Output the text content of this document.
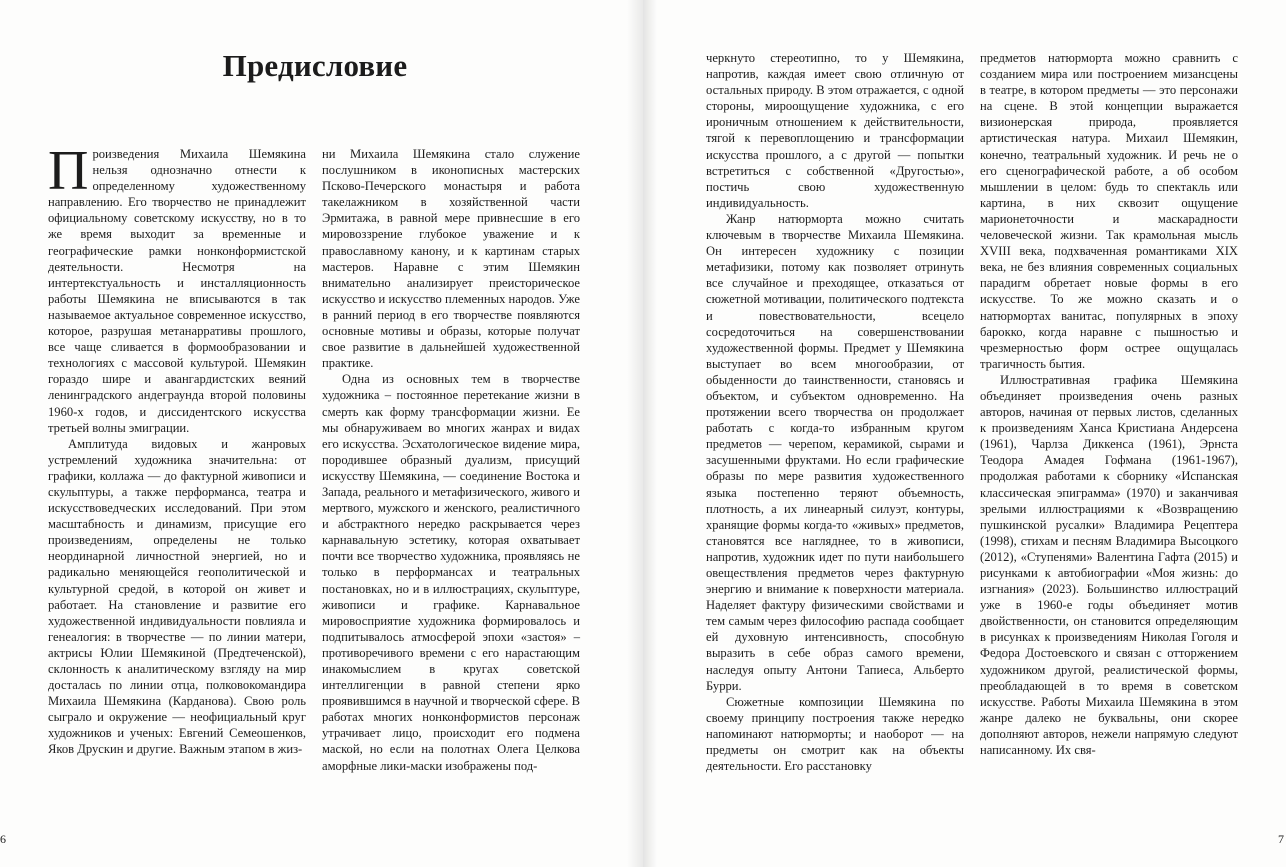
Предисловие

Произведения Михаила Шемякина нельзя однозначно отнести к определенному художественному направлению. Его творчество не принадлежит официальному советскому искусству, но в то же время выходит за временные и географические рамки нонконформистской деятельности. Несмотря на интертекстуальность и инсталляционность работы Шемякина не вписываются в так называемое актуальное современное искусство, которое, разрушая метанарративы прошлого, все чаще сливается в формообразовании и технологиях с массовой культурой. Шемякин гораздо шире и авангардистских веяний ленинградского андеграунда второй половины 1960-х годов, и диссидентского искусства третьей волны эмиграции.

Амплитуда видовых и жанровых устремлений художника значительна: от графики, коллажа — до фактурной живописи и скульптуры, а также перформанса, театра и искусствоведческих исследований. При этом масштабность и динамизм, присущие его произведениям, определены не только неординарной личностной энергией, но и радикально меняющейся геополитической и культурной средой, в которой он живет и работает. На становление и развитие его художественной индивидуальности повлияла и генеалогия: в творчестве — по линии матери, актрисы Юлии Шемякиной (Предтеченской), склонность к аналитическому взгляду на мир досталась по линии отца, полковокомандира Михаила Шемякина (Карданова). Свою роль сыграло и окружение — неофициальный круг художников и ученых: Евгений Семеошенков, Яков Друскин и другие. Важным этапом в жиз-

ни Михаила Шемякина стало служение послушником в иконописных мастерских Псково-Печерского монастыря и работа такелажником в хозяйственной части Эрмитажа, в равной мере привнесшие в его мировоззрение глубокое уважение и к православному канону, и к картинам старых мастеров. Наравне с этим Шемякин внимательно анализирует преисторическое искусство и искусство племенных народов. Уже в ранний период в его творчестве появляются основные мотивы и образы, которые получат свое развитие в дальнейшей художественной практике.

Одна из основных тем в творчестве художника – постоянное перетекание жизни в смерть как форму трансформации жизни. Ее мы обнаруживаем во многих жанрах и видах его искусства. Эсхатологическое видение мира, породившее образный дуализм, присущий искусству Шемякина, — соединение Востока и Запада, реального и метафизического, живого и мертвого, мужского и женского, реалистичного и абстрактного нередко раскрывается через карнавальную эстетику, которая охватывает почти все творчество художника, проявляясь не только в перформансах и театральных постановках, но и в иллюстрациях, скульптуре, живописи и графике. Карнавальное мировосприятие художника формировалось и подпитывалось атмосферой эпохи «застоя» – противоречивого времени с его нарастающим инакомыслием в кругах советской интеллигенции в равной степени ярко проявившимся в научной и творческой сфере. В работах многих нонконформистов персонаж утрачивает лицо, происходит его подмена маской, но если на полотнах Олега Целкова аморфные лики-маски изображены под-

6

черкнуто стереотипно, то у Шемякина, напротив, каждая имеет свою отличную от остальных природу. В этом отражается, с одной стороны, мироощущение художника, с его ироничным отношением к действительности, тягой к перевоплощению и трансформации искусства прошлого, а с другой — попытки встретиться с собственной «Другостью», постичь свою художественную индивидуальность.

Жанр натюрморта можно считать ключевым в творчестве Михаила Шемякина. Он интересен художнику с позиции метафизики, потому как позволяет отринуть все случайное и преходящее, отказаться от сюжетной мотивации, политического подтекста и повествовательности, всецело сосредоточиться на совершенствовании художественной формы. Предмет у Шемякина выступает во всем многообразии, от обыденности до таинственности, становясь и объектом, и субъектом одновременно. На протяжении всего творчества он продолжает работать с когда-то избранным кругом предметов — черепом, керамикой, сырами и засушенными фруктами. Но если графические образы по мере развития художественного языка постепенно теряют объемность, плотность, а их линеарный силуэт, контуры, хранящие формы когда-то «живых» предметов, становятся все нагляднее, то в живописи, напротив, художник идет по пути наибольшего овеществления предметов через фактурную энергию и внимание к поверхности материала. Наделяет фактуру физическими свойствами и тем самым через философию распада сообщает ей духовную интенсивность, способную выразить в себе образ самого времени, наследуя опыту Антони Тапиеса, Альберто Бурри.

Сюжетные композиции Шемякина по своему принципу построения также нередко напоминают натюрморты; и наоборот — на предметы он смотрит как на объекты деятельности. Его расстановку

предметов натюрморта можно сравнить с созданием мира или построением мизансцены в театре, в котором предметы — это персонажи на сцене. В этой концепции выражается визионерская природа, проявляется артистическая натура. Михаил Шемякин, конечно, театральный художник. И речь не о его сценографической работе, а об особом мышлении в целом: будь то спектакль или картина, в них сквозит ощущение марионеточности и маскарадности человеческой жизни. Так крамольная мысль XVIII века, подхваченная романтиками XIX века, не без влияния современных социальных парадигм обретает новые формы в его искусстве. То же можно сказать и о натюрмортах ванитас, популярных в эпоху барокко, когда наравне с пышностью и чрезмерностью форм острее ощущалась трагичность бытия.

Иллюстративная графика Шемякина объединяет произведения очень разных авторов, начиная от первых листов, сделанных к произведениям Ханса Кристиана Андерсена (1961), Чарлза Диккенса (1961), Эрнста Теодора Амадея Гофмана (1961-1967), продолжая работами к сборнику «Испанская классическая эпиграмма» (1970) и заканчивая зрелыми иллюстрациями к «Возвращению пушкинской русалки» Владимира Рецептера (1998), стихам и песням Владимира Высоцкого (2012), «Ступенями» Валентина Гафта (2015) и рисунками к автобиографии «Моя жизнь: до изгнания» (2023). Большинство иллюстраций уже в 1960-е годы объединяет мотив двойственности, он становится определяющим в рисунках к произведениям Николая Гоголя и Федора Достоевского и связан с отторжением художником другой, реалистической формы, преобладающей в то время в советском искусстве. Работы Михаила Шемякина в этом жанре далеко не буквальны, они скорее дополняют авторов, нежели напрямую следуют написанному. Их свя-

7
